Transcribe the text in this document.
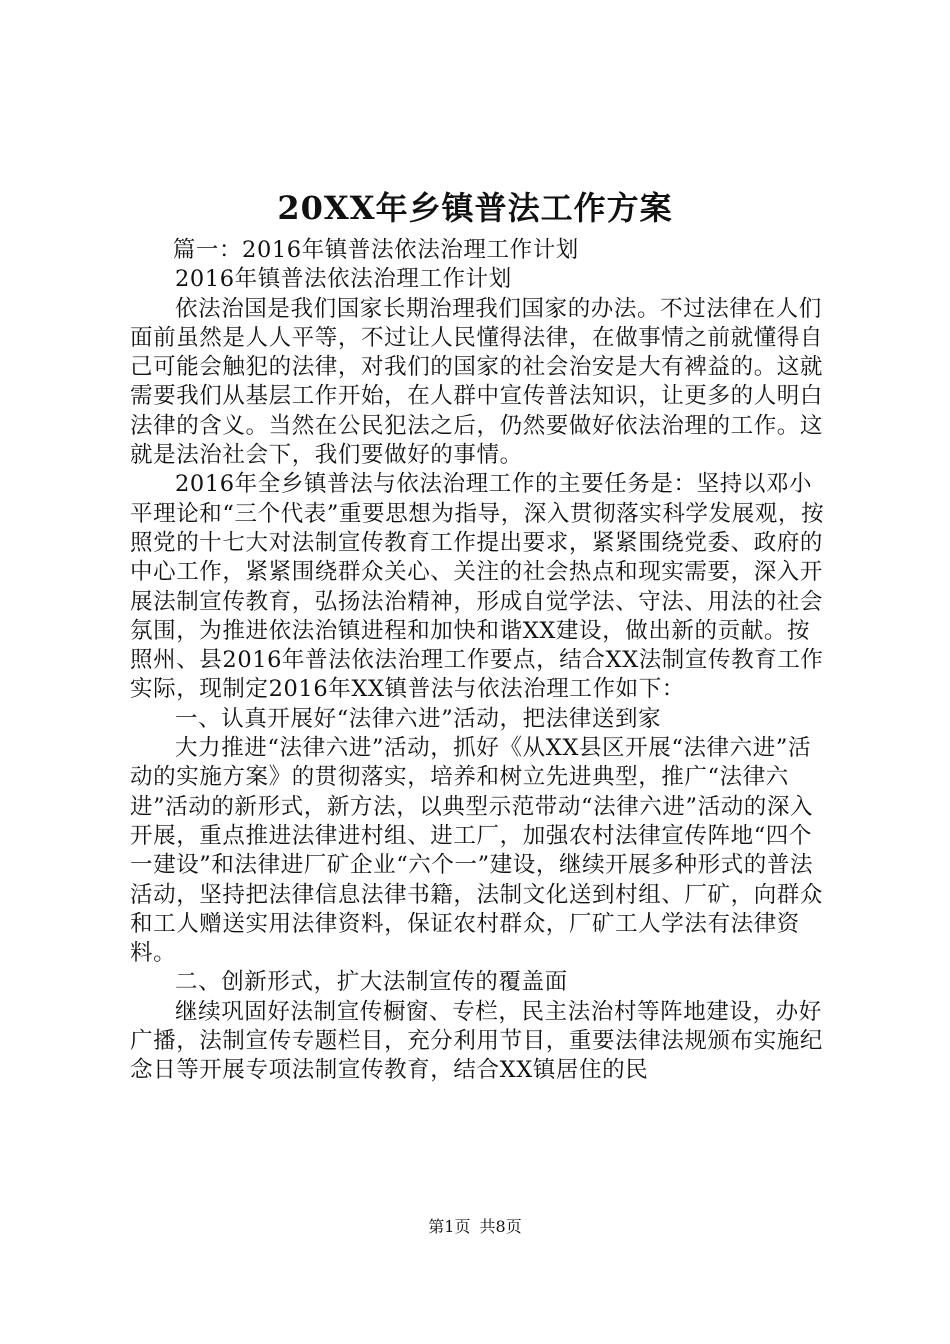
20XX年乡镇普法工作方案

篇一：2016年镇普法依法治理工作计划

2016年镇普法依法治理工作计划

依法治国是我们国家长期治理我们国家的办法。不过法律在人们面前虽然是人人平等，不过让人民懂得法律，在做事情之前就懂得自己可能会触犯的法律，对我们的国家的社会治安是大有裨益的。这就需要我们从基层工作开始，在人群中宣传普法知识，让更多的人明白法律的含义。当然在公民犯法之后，仍然要做好依法治理的工作。这就是法治社会下，我们要做好的事情。

2016年全乡镇普法与依法治理工作的主要任务是：坚持以邓小平理论和“三个代表”重要思想为指导，深入贯彻落实科学发展观，按照党的十七大对法制宣传教育工作提出要求，紧紧围绕党委、政府的中心工作，紧紧围绕群众关心、关注的社会热点和现实需要，深入开展法制宣传教育，弘扬法治精神，形成自觉学法、守法、用法的社会氛围，为推进依法治镇进程和加快和谐XX建设，做出新的贡献。按照州、县2016年普法依法治理工作要点，结合XX法制宣传教育工作实际，现制定2016年XX镇普法与依法治理工作如下：

一、认真开展好“法律六进”活动，把法律送到家

大力推进“法律六进”活动，抓好《从XX县区开展“法律六进”活动的实施方案》的贯彻落实，培养和树立先进典型，推广“法律六进”活动的新形式，新方法，以典型示范带动“法律六进”活动的深入开展，重点推进法律进村组、进工厂，加强农村法律宣传阵地“四个一建设”和法律进厂矿企业“六个一”建设，继续开展多种形式的普法活动，坚持把法律信息法律书籍，法制文化送到村组、厂矿，向群众和工人赠送实用法律资料，保证农村群众，厂矿工人学法有法律资料。

二、创新形式，扩大法制宣传的覆盖面

继续巩固好法制宣传橱窗、专栏，民主法治村等阵地建设，办好广播，法制宣传专题栏目，充分利用节目，重要法律法规颁布实施纪念日等开展专项法制宣传教育，结合XX镇居住的民

第1页 共8页
